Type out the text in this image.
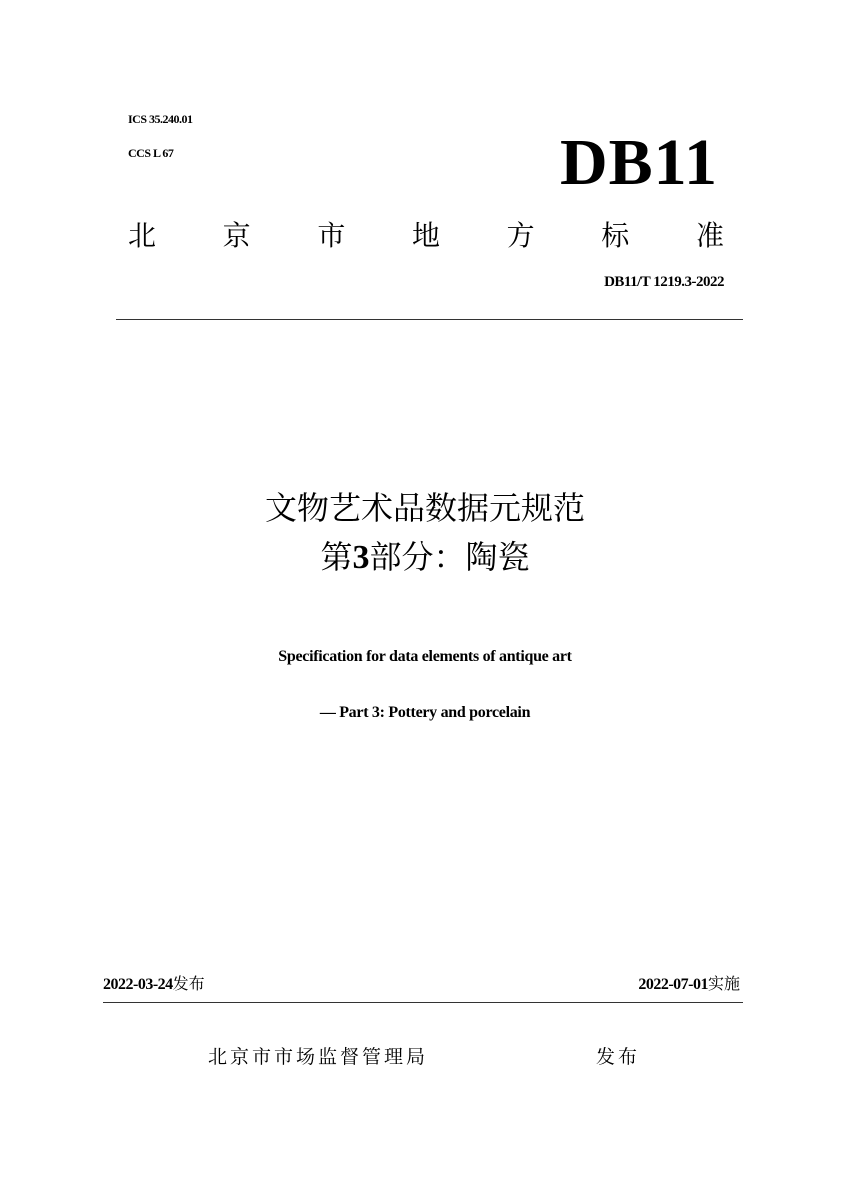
ICS 35.240.01
CCS L 67	DB11
北 京 市 地 方 标 准
DB11/T 1219.3-2022
文物艺术品数据元规范
第3部分：陶瓷
Specification for data elements of antique art
— Part 3: Pottery and porcelain
2022-03-24发布	2022-07-01实施
北京市市场监督管理局	发布
